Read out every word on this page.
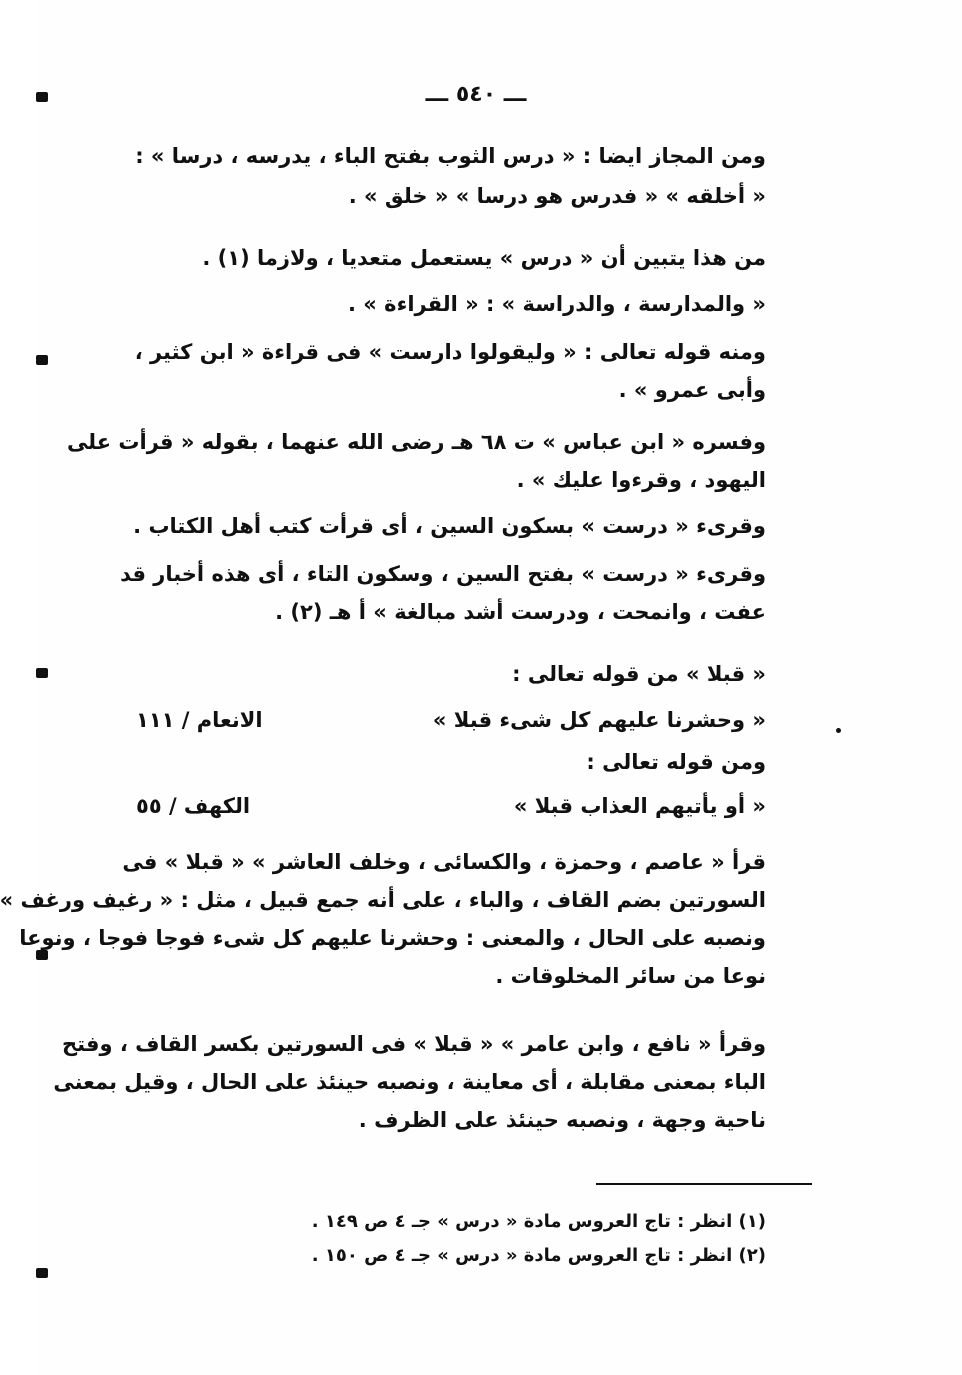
ـــ ٥٤٠ ـــ
ومن المجاز ايضا : « درس الثوب بفتح الباء ، يدرسه ، درسا » :
« أخلقه » « فدرس هو درسا » « خلق » .
من هذا يتبين أن « درس » يستعمل متعديا ، ولازما (١) .
« والمدارسة ، والدراسة » : « القراءة » .
ومنه قوله تعالى : « وليقولوا دارست » فى قراءة « ابن كثير ،
وأبى عمرو » .
وفسره « ابن عباس » ت ٦٨ هـ رضى الله عنهما ، بقوله « قرأت على
اليهود ، وقرءوا عليك » .
وقرىء « درست » بسكون السين ، أى قرأت كتب أهل الكتاب .
وقرىء « درست » بفتح السين ، وسكون التاء ، أى هذه أخبار قد
عفت ، وانمحت ، ودرست أشد مبالغة » أ هـ (٢) .
« قبلا » من قوله تعالى :
« وحشرنا عليهم كل شىء قبلا »
الانعام / ١١١
ومن قوله تعالى :
« أو يأتيهم العذاب قبلا »
الكهف / ٥٥
قرأ « عاصم ، وحمزة ، والكسائى ، وخلف العاشر » « قبلا » فى
السورتين بضم القاف ، والباء ، على أنه جمع قبيل ، مثل : « رغيف ورغف »
ونصبه على الحال ، والمعنى : وحشرنا عليهم كل شىء فوجا فوجا ، ونوعا
نوعا من سائر المخلوقات .
وقرأ « نافع ، وابن عامر » « قبلا » فى السورتين بكسر القاف ، وفتح
الباء بمعنى مقابلة ، أى معاينة ، ونصبه حينئذ على الحال ، وقيل بمعنى
ناحية وجهة ، ونصبه حينئذ على الظرف .
(١) انظر : تاج العروس مادة « درس » جـ ٤ ص ١٤٩ .
(٢) انظر : تاج العروس مادة « درس » جـ ٤ ص ١٥٠ .
